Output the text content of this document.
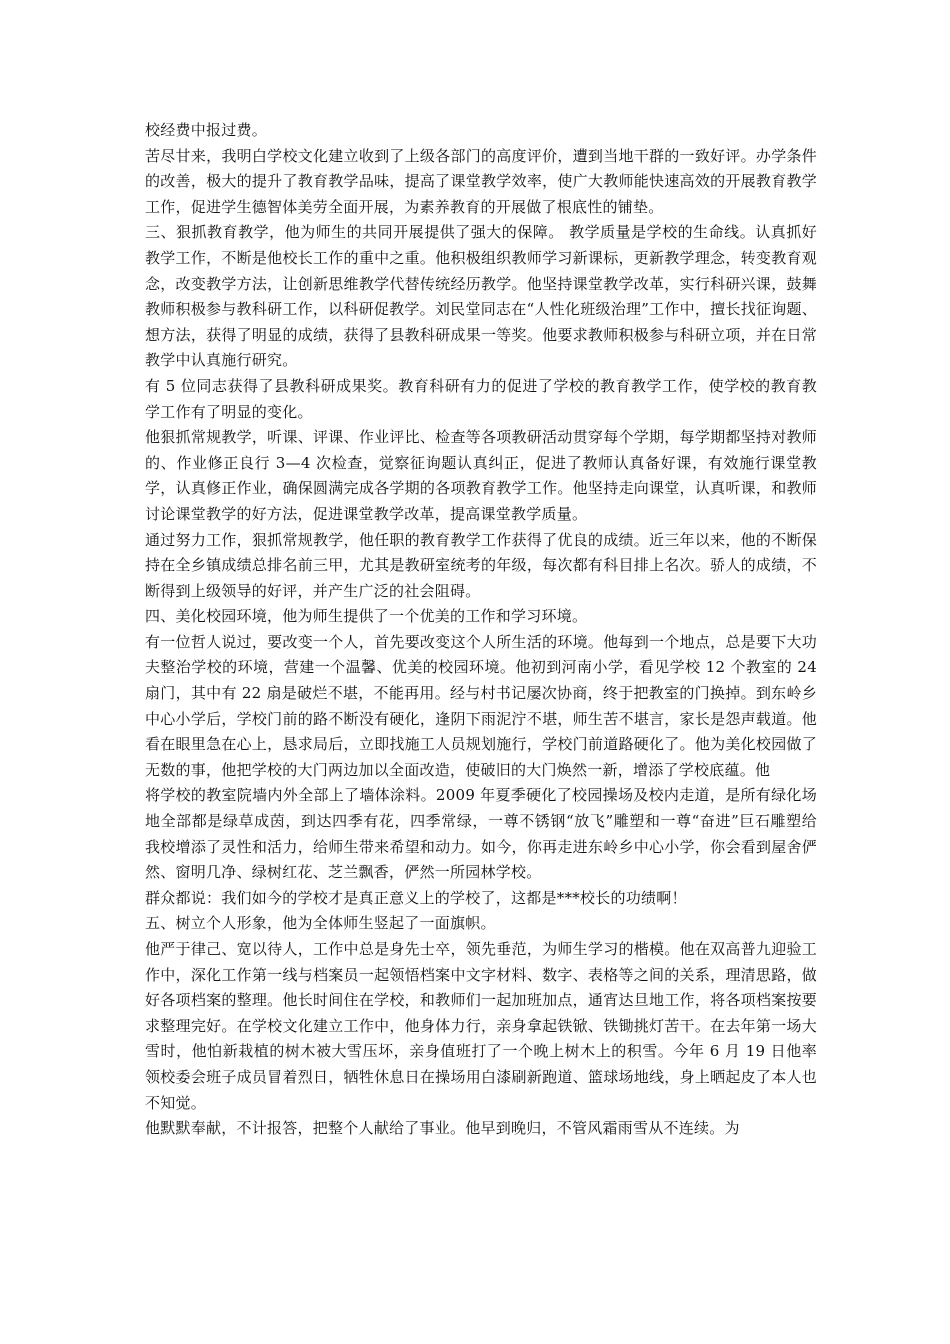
校经费中报过费。

苦尽甘来，我明白学校文化建立收到了上级各部门的高度评价，遭到当地干群的一致好评。办学条件的改善，极大的提升了教育教学品味，提高了课堂教学效率，使广大教师能快速高效的开展教育教学工作，促进学生德智体美劳全面开展，为素养教育的开展做了根底性的铺垫。

三、狠抓教育教学，他为师生的共同开展提供了强大的保障。 教学质量是学校的生命线。认真抓好教学工作，不断是他校长工作的重中之重。他积极组织教师学习新课标，更新教学理念，转变教育观念，改变教学方法，让创新思维教学代替传统经历教学。他坚持课堂教学改革，实行科研兴课，鼓舞教师积极参与教科研工作，以科研促教学。刘民堂同志在“人性化班级治理”工作中，擅长找征询题、想方法，获得了明显的成绩，获得了县教科研成果一等奖。他要求教师积极参与科研立项，并在日常教学中认真施行研究。

有 5 位同志获得了县教科研成果奖。教育科研有力的促进了学校的教育教学工作，使学校的教育教学工作有了明显的变化。

他狠抓常规教学，听课、评课、作业评比、检查等各项教研活动贯穿每个学期，每学期都坚持对教师的、作业修正良行 3—4 次检查，觉察征询题认真纠正，促进了教师认真备好课，有效施行课堂教学，认真修正作业，确保圆满完成各学期的各项教育教学工作。他坚持走向课堂，认真听课，和教师讨论课堂教学的好方法，促进课堂教学改革，提高课堂教学质量。

通过努力工作，狠抓常规教学，他任职的教育教学工作获得了优良的成绩。近三年以来，他的不断保持在全乡镇成绩总排名前三甲，尤其是教研室统考的年级，每次都有科目排上名次。骄人的成绩，不断得到上级领导的好评，并产生广泛的社会阻碍。

四、美化校园环境，他为师生提供了一个优美的工作和学习环境。

有一位哲人说过，要改变一个人，首先要改变这个人所生活的环境。他每到一个地点，总是要下大功夫整治学校的环境，营建一个温馨、优美的校园环境。他初到河南小学，看见学校 12 个教室的 24 扇门，其中有 22 扇是破烂不堪，不能再用。经与村书记屡次协商，终于把教室的门换掉。到东岭乡中心小学后，学校门前的路不断没有硬化，逢阴下雨泥泞不堪，师生苦不堪言，家长是怨声载道。他看在眼里急在心上，恳求局后，立即找施工人员规划施行，学校门前道路硬化了。他为美化校园做了无数的事，他把学校的大门两边加以全面改造，使破旧的大门焕然一新，增添了学校底蕴。他

将学校的教室院墙内外全部上了墙体涂料。2009 年夏季硬化了校园操场及校内走道，是所有绿化场地全部都是绿草成茵，到达四季有花，四季常绿，一尊不锈钢“放飞”雕塑和一尊“奋进”巨石雕塑给我校增添了灵性和活力，给师生带来希望和动力。如今，你再走进东岭乡中心小学，你会看到屋舍俨然、窗明几净、绿树红花、芝兰飘香，俨然一所园林学校。

群众都说：我们如今的学校才是真正意义上的学校了，这都是***校长的功绩啊！

五、树立个人形象，他为全体师生竖起了一面旗帜。

他严于律己、宽以待人，工作中总是身先士卒，领先垂范，为师生学习的楷模。他在双高普九迎验工作中，深化工作第一线与档案员一起领悟档案中文字材料、数字、表格等之间的关系，理清思路，做好各项档案的整理。他长时间住在学校，和教师们一起加班加点，通宵达旦地工作，将各项档案按要求整理完好。在学校文化建立工作中，他身体力行，亲身拿起铁锨、铁锄挑灯苦干。在去年第一场大雪时，他怕新栽植的树木被大雪压坏，亲身值班打了一个晚上树木上的积雪。今年 6 月 19 日他率领校委会班子成员冒着烈日，牺牲休息日在操场用白漆刷新跑道、篮球场地线，身上晒起皮了本人也不知觉。

他默默奉献，不计报答，把整个人献给了事业。他早到晚归，不管风霜雨雪从不连续。为
